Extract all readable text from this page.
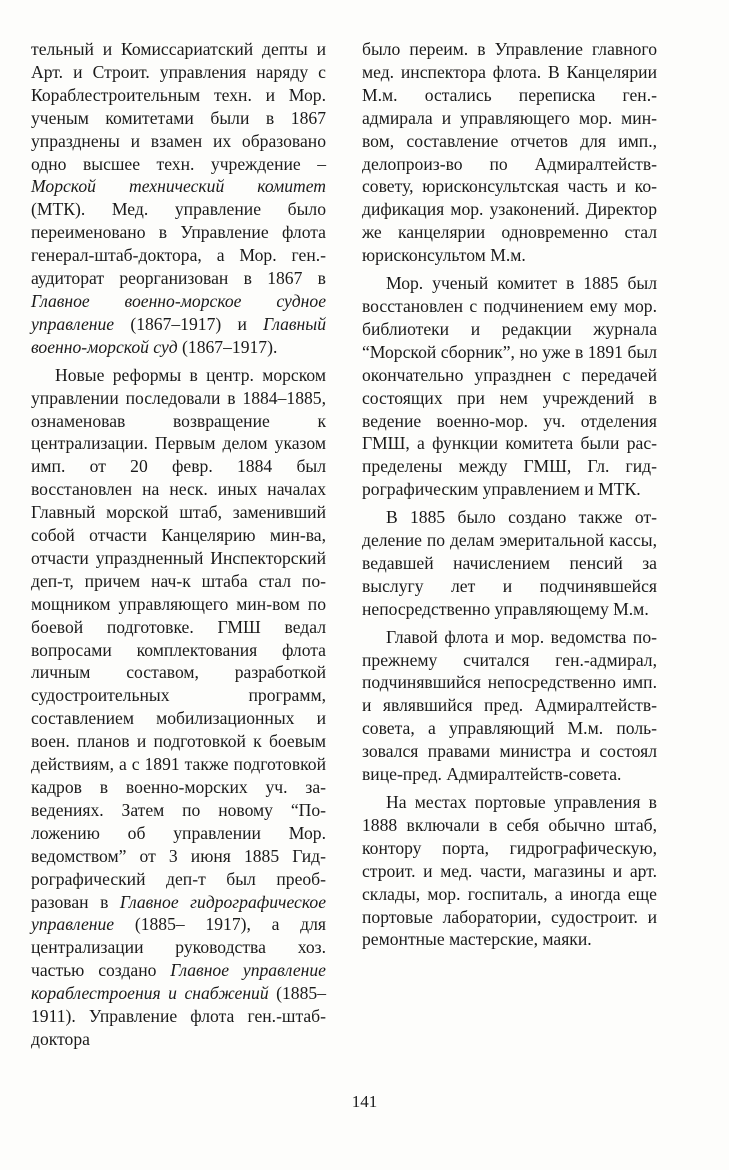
тельный и Комиссариатский депты и Арт. и Строит. управления наряду с Кораблестроительным техн. и Мор. ученым комитетами были в 1867 упразднены и взамен их образовано одно высшее техн. учреждение – Морской технический комитет (МТК). Мед. управление было переименовано в Управление флота генерал-штаб-доктора, а Мор. ген.-аудиторат реорганизован в 1867 в Главное военно-морское судное управление (1867–1917) и Главный военно-морской суд (1867–1917).

Новые реформы в центр. морском управлении последовали в 1884–1885, ознаменовав возвращение к централизации. Первым делом указом имп. от 20 февр. 1884 был восстановлен на неск. иных началах Главный морской штаб, заменивший собой отчасти Канцелярию мин-ва, отчасти упраздненный Инспекторский деп-т, причем нач-к штаба стал помощником управляющего мин-вом по боевой подготовке. ГМШ ведал вопросами комплектования флота личным составом, разработкой судостроительных программ, составлением мобилизационных и воен. планов и подготовкой к боевым действиям, а с 1891 также подготовкой кадров в военно-морских уч. заведениях. Затем по новому “Положению об управлении Мор. ведомством” от 3 июня 1885 Гидрографический деп-т был преобразован в Главное гидрографическое управление (1885– 1917), а для централизации руководства хоз. частью создано Главное управление кораблестроения и снабжений (1885– 1911). Управление флота ген.-штаб-доктора

было переим. в Управление главного мед. инспектора флота. В Канцелярии М.м. остались переписка ген.-адмирала и управляющего мор. мин-вом, составление отчетов для имп., делопроиз-во по Адмиралтейств-совету, юрисконсультская часть и кодификация мор. узаконений. Директор же канцелярии одновременно стал юрисконсультом М.м.

Мор. ученый комитет в 1885 был восстановлен с подчинением ему мор. библиотеки и редакции журнала “Морской сборник”, но уже в 1891 был окончательно упразднен с передачей состоящих при нем учреждений в ведение военно-мор. уч. отделения ГМШ, а функции комитета были распределены между ГМШ, Гл. гидрографическим управлением и МТК.

В 1885 было создано также отделение по делам эмеритальной кассы, ведавшей начислением пенсий за выслугу лет и подчинявшейся непосредственно управляющему М.м.

Главой флота и мор. ведомства по-прежнему считался ген.-адмирал, подчинявшийся непосредственно имп. и являвшийся пред. Адмиралтейств-совета, а управляющий М.м. пользовался правами министра и состоял вице-пред. Адмиралтейств-совета.

На местах портовые управления в 1888 включали в себя обычно штаб, контору порта, гидрографическую, строит. и мед. части, магазины и арт. склады, мор. госпиталь, а иногда еще портовые лаборатории, судостроит. и ремонтные мастерские, маяки.

141
